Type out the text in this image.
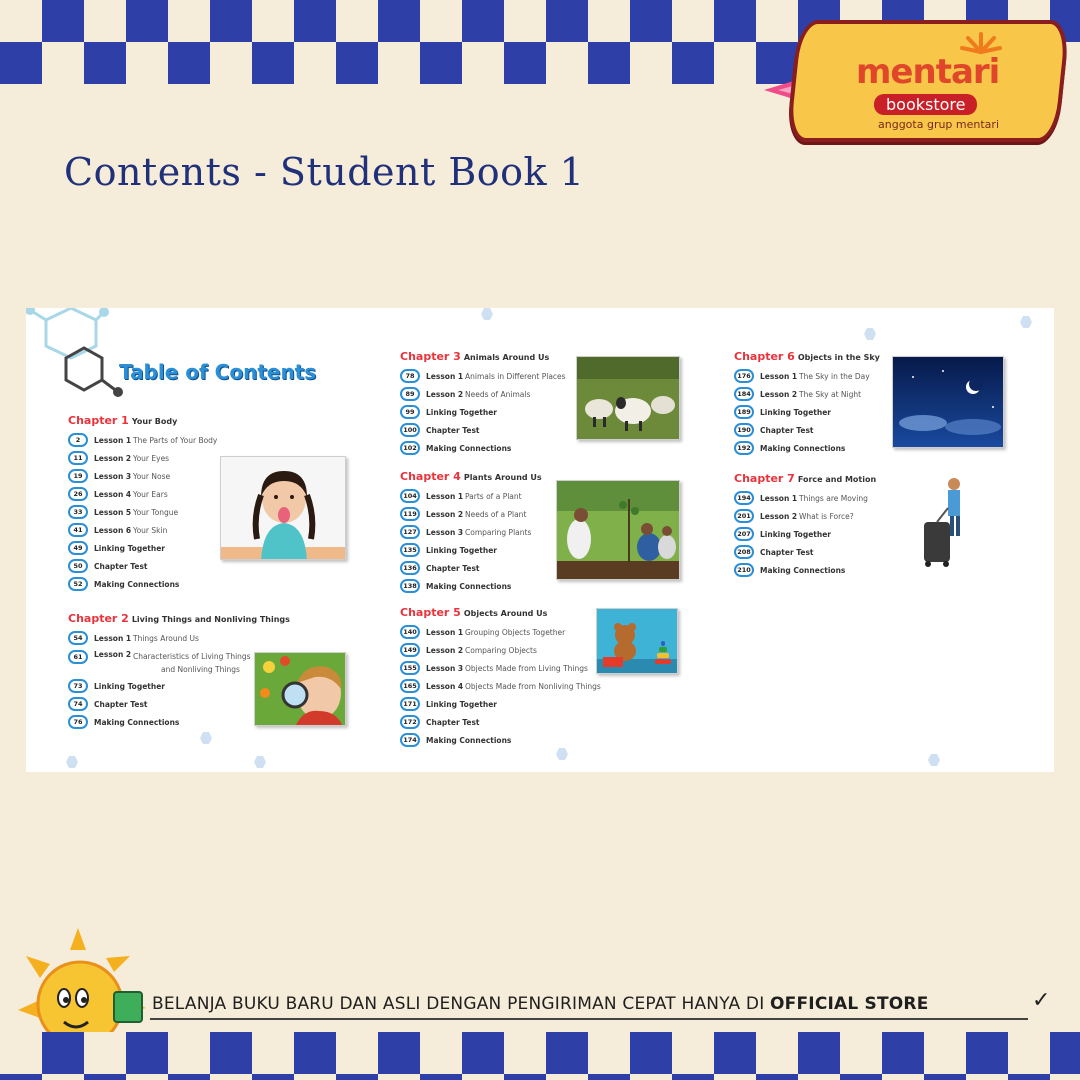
mentari
bookstore
anggota grup mentari
Contents - Student Book 1
Table of Contents
Chapter 1 Your Body
2	Lesson 1 The Parts of Your Body
11	Lesson 2 Your Eyes
19	Lesson 3 Your Nose
26	Lesson 4 Your Ears
33	Lesson 5 Your Tongue
41	Lesson 6 Your Skin
49	Linking Together
50	Chapter Test
52	Making Connections
Chapter 2 Living Things and Nonliving Things
54	Lesson 1 Things Around Us
61	Lesson 2 Characteristics of Living Things
and Nonliving Things
73	Linking Together
74	Chapter Test
76	Making Connections
Chapter 3 Animals Around Us
78	Lesson 1 Animals in Different Places
89	Lesson 2 Needs of Animals
99	Linking Together
100	Chapter Test
102	Making Connections
Chapter 4 Plants Around Us
104	Lesson 1 Parts of a Plant
119	Lesson 2 Needs of a Plant
127	Lesson 3 Comparing Plants
135	Linking Together
136	Chapter Test
138	Making Connections
Chapter 5 Objects Around Us
140	Lesson 1 Grouping Objects Together
149	Lesson 2 Comparing Objects
155	Lesson 3 Objects Made from Living Things
165	Lesson 4 Objects Made from Nonliving Things
171	Linking Together
172	Chapter Test
174	Making Connections
Chapter 6 Objects in the Sky
176	Lesson 1 The Sky in the Day
184	Lesson 2 The Sky at Night
189	Linking Together
190	Chapter Test
192	Making Connections
Chapter 7 Force and Motion
194	Lesson 1 Things are Moving
201	Lesson 2 What is Force?
207	Linking Together
208	Chapter Test
210	Making Connections
BELANJA BUKU BARU DAN ASLI DENGAN PENGIRIMAN CEPAT HANYA DI OFFICIAL STORE	✓
